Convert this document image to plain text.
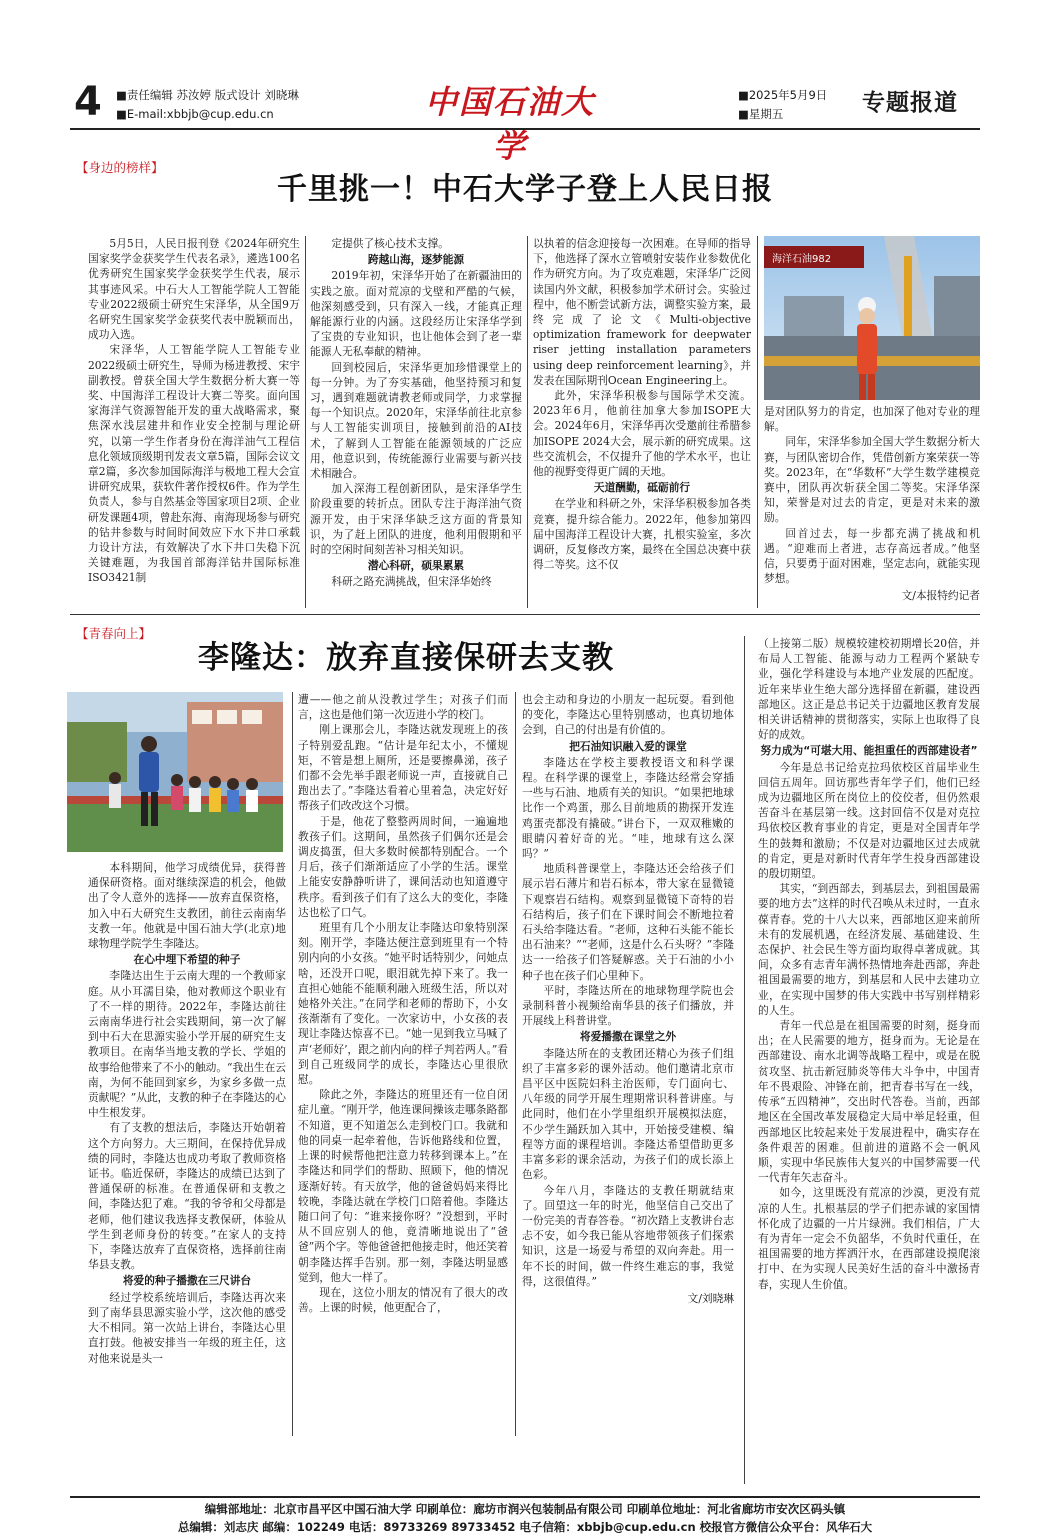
4 ■责任编辑 苏汝婷 版式设计 刘晓琳
■E-mail:xbbjb@cup.edu.cn	中国石油大学
■2025年5月9日
■星期五	专题报道
【身边的榜样】
千里挑一！中石大学子登上人民日报

5月5日，人民日报刊登《2024年研究生国家奖学金获奖学生代表名录》，遴选100名优秀研究生国家奖学金获奖学生代表，展示其事迹风采。中石大人工智能学院人工智能专业2022级硕士研究生宋泽华，从全国9万名研究生国家奖学金获奖代表中脱颖而出，成功入选。

宋泽华，人工智能学院人工智能专业2022级硕士研究生，导师为杨进教授、宋宇副教授。曾获全国大学生数据分析大赛一等奖、中国海洋工程设计大赛二等奖。面向国家海洋气资源智能开发的重大战略需求，聚焦深水浅层建井和作业安全控制与理论研究，以第一学生作者身份在海洋油气工程信息化领域顶级期刊发表文章5篇，国际会议文章2篇，多次参加国际海洋与极地工程大会宣讲研究成果，获软件著作授权6件。作为学生负责人，参与自然基金等国家项目2项、企业研发课题4项，曾赴东海、南海现场参与研究的钻井参数与时间时间效应下水下井口承载力设计方法，有效解决了水下井口失稳下沉关键难题，为我国首部海洋钻井国际标准ISO3421制

定提供了核心技术支撑。

跨越山海，逐梦能源

2019年初，宋泽华开始了在新疆油田的实践之旅。面对荒凉的戈壁和严酷的气候，他深刻感受到，只有深入一线，才能真正理解能源行业的内涵。这段经历让宋泽华学到了宝贵的专业知识，也让他体会到了老一辈能源人无私奉献的精神。

回到校园后，宋泽华更加珍惜课堂上的每一分钟。为了夯实基础，他坚持预习和复习，遇到难题就请教老师或同学，力求掌握每一个知识点。2020年，宋泽华前往北京参与人工智能实训项目，接触到前沿的AI技术，了解到人工智能在能源领域的广泛应用，他意识到，传统能源行业需要与新兴技术相融合。

加入深海工程创新团队，是宋泽华学生阶段重要的转折点。团队专注于海洋油气资源开发，由于宋泽华缺乏这方面的背景知识，为了赶上团队的进度，他利用假期和平时的空闲时间刻苦补习相关知识。

潜心科研，硕果累累

科研之路充满挑战，但宋泽华始终

以执着的信念迎接每一次困难。在导师的指导下，他选择了深水立管喷射安装作业参数优化作为研究方向。为了攻克难题，宋泽华广泛阅读国内外文献，积极参加学术研讨会。实验过程中，他不断尝试新方法，调整实验方案，最终完成了论文《Multi-objective optimization framework for deepwater riser jetting installation parameters using deep reinforcement learning》，并发表在国际期刊Ocean Engineering上。

此外，宋泽华积极参与国际学术交流。2023年6月，他前往加拿大参加ISOPE大会。2024年6月，宋泽华再次受邀前往希腊参加ISOPE 2024大会，展示新的研究成果。这些交流机会，不仅提升了他的学术水平，也让他的视野变得更广阔的天地。

天道酬勤，砥砺前行

在学业和科研之外，宋泽华积极参加各类竞赛，提升综合能力。2022年，他参加第四届中国海洋工程设计大赛，扎根实验室，多次调研，反复修改方案，最终在全国总决赛中获得二等奖。这不仅

海洋石油982

是对团队努力的肯定，也加深了他对专业的理解。

同年，宋泽华参加全国大学生数据分析大赛，与团队密切合作，凭借创新方案荣获一等奖。2023年，在“华数杯”大学生数学建模竞赛中，团队再次斩获全国二等奖。宋泽华深知，荣誉是对过去的肯定，更是对未来的激励。

回首过去，每一步都充满了挑战和机遇。“迎难而上者进，志存高远者成。”他坚信，只要勇于面对困难，坚定志向，就能实现梦想。

文/本报特约记者

【青春向上】
李隆达：放弃直接保研去支教

本科期间，他学习成绩优异，获得普通保研资格。面对继续深造的机会，他做出了令人意外的选择——放弃直保资格，加入中石大研究生支教团，前往云南南华支教一年。他就是中国石油大学(北京)地球物理学院学生李隆达。

在心中埋下希望的种子

李隆达出生于云南大理的一个教师家庭。从小耳濡目染，他对教师这个职业有了不一样的期待。2022年，李隆达前往云南南华进行社会实践期间，第一次了解到中石大在思源实验小学开展的研究生支教项目。在南华当地支教的学长、学姐的故事给他带来了不小的触动。“我出生在云南，为何不能回到家乡，为家乡多做一点贡献呢？”从此，支教的种子在李隆达的心中生根发芽。

有了支教的想法后，李隆达开始朝着这个方向努力。大三期间，在保持优异成绩的同时，李隆达也成功考取了教师资格证书。临近保研，李隆达的成绩已达到了普通保研的标准。在普通保研和支教之间，李隆达犯了难。“我的爷爷和父母都是老师，他们建议我选择支教保研，体验从学生到老师身份的转变。”在家人的支持下，李隆达放弃了直保资格，选择前往南华县支教。

将爱的种子播撒在三尺讲台

经过学校系统培训后，李隆达再次来到了南华县思源实验小学，这次他的感受大不相同。第一次站上讲台，李隆达心里直打鼓。他被安排当一年级的班主任，这对他来说是头一

遭——他之前从没教过学生；对孩子们而言，这也是他们第一次迈进小学的校门。

刚上课那会儿，李隆达就发现班上的孩子特别爱乱跑。“估计是年纪太小，不懂规矩，不管是想上厕所，还是要擦鼻涕，孩子们都不会先举手跟老师说一声，直接就自己跑出去了。”李隆达看着心里着急，决定好好帮孩子们改改这个习惯。

于是，他花了整整两周时间，一遍遍地教孩子们。这期间，虽然孩子们偶尔还是会调皮捣蛋，但大多数时候都特别配合。一个月后，孩子们渐渐适应了小学的生活。课堂上能安安静静听讲了，课间活动也知道遵守秩序。看到孩子们有了这么大的变化，李隆达也松了口气。

班里有几个小朋友让李隆达印象特别深刻。刚开学，李隆达便注意到班里有一个特别内向的小女孩。“她平时话特别少，问她点啥，还没开口呢，眼泪就先掉下来了。我一直担心她能不能顺利融入班级生活，所以对她格外关注。”在同学和老师的帮助下，小女孩渐渐有了变化。一次家访中，小女孩的表现让李隆达惊喜不已。“她一见到我立马喊了声‘老师好’，跟之前内向的样子判若两人。”看到自己班级同学的成长，李隆达心里很欣慰。

除此之外，李隆达的班里还有一位自闭症儿童。“刚开学，他连课间操该走哪条路都不知道，更不知道怎么走到校门口。我就和他的同桌一起牵着他，告诉他路线和位置，上课的时候帮他把注意力转移到课本上。”在李隆达和同学们的帮助、照顾下，他的情况逐渐好转。有天放学，他的爸爸妈妈来得比较晚，李隆达就在学校门口陪着他。李隆达随口问了句：“谁来接你呀？”没想到，平时从不回应别人的他，竟清晰地说出了“爸爸”两个字。等他爸爸把他接走时，他还笑着朝李隆达挥手告别。那一刻，李隆达明显感觉到，他大一样了。

现在，这位小朋友的情况有了很大的改善。上课的时候，他更配合了，

也会主动和身边的小朋友一起玩耍。看到他的变化，李隆达心里特别感动，也真切地体会到，自己的付出是有价值的。

把石油知识融入爱的课堂

李隆达在学校主要教授语文和科学课程。在科学课的课堂上，李隆达经常会穿插一些与石油、地质有关的知识。“如果把地球比作一个鸡蛋，那么目前地质的勘探开发连鸡蛋壳都没有撬破。”讲台下，一双双稚嫩的眼睛闪着好奇的光。“哇，地球有这么深吗？”

地质科普课堂上，李隆达还会给孩子们展示岩石薄片和岩石标本，带大家在显微镜下观察岩石结构。观察到显微镜下奇特的岩石结构后，孩子们在下课时间会不断地拉着石头给李隆达看。“老师，这种石头能不能长出石油来？”“老师，这是什么石头呀？”李隆达一一给孩子们答疑解惑。关于石油的小小种子也在孩子们心里种下。

平时，李隆达所在的地球物理学院也会录制科普小视频给南华县的孩子们播放，并开展线上科普讲堂。

将爱播撒在课堂之外

李隆达所在的支教团还精心为孩子们组织了丰富多彩的课外活动。他们邀请北京市昌平区中医院妇科主治医师，专门面向七、八年级的同学开展生理期常识科普讲座。与此同时，他们在小学里组织开展模拟法庭，不少学生踊跃加入其中，开始接受建模、编程等方面的课程培训。李隆达希望借助更多丰富多彩的课余活动，为孩子们的成长添上色彩。

今年八月，李隆达的支教任期就结束了。回望这一年的时光，他坚信自己交出了一份完美的青春答卷。“初次踏上支教讲台志忐不安，如今我已能从容地带领孩子们探索知识，这是一场爱与希望的双向奔赴。用一年不长的时间，做一件终生难忘的事，我觉得，这很值得。”

文/刘晓琳

（上接第二版）规模较建校初期增长20倍，并布局人工智能、能源与动力工程两个紧缺专业，强化学科建设与本地产业发展的匹配度。近年来毕业生绝大部分选择留在新疆，建设西部地区。这正是总书记关于边疆地区教育发展相关讲话精神的贯彻落实，实际上也取得了良好的成效。

努力成为“可堪大用、能担重任的西部建设者”

今年是总书记给克拉玛依校区首届毕业生回信五周年。回访那些青年学子们，他们已经成为边疆地区所在岗位上的佼佼者，但仍然艰苦奋斗在基层第一线。这封回信不仅是对克拉玛依校区教育事业的肯定，更是对全国青年学生的鼓舞和激励；不仅是对边疆地区过去成就的肯定，更是对新时代青年学生投身西部建设的殷切期望。

其实，“到西部去，到基层去，到祖国最需要的地方去”这样的时代召唤从未过时，一直永葆青春。党的十八大以来，西部地区迎来前所未有的发展机遇，在经济发展、基础建设、生态保护、社会民生等方面均取得卓著成就。其间，众多有志青年满怀热情地奔赴西部，奔赴祖国最需要的地方，到基层和人民中去建功立业，在实现中国梦的伟大实践中书写别样精彩的人生。

青年一代总是在祖国需要的时刻，挺身而出；在人民需要的地方，挺身而为。无论是在西部建设、南水北调等战略工程中，或是在脱贫攻坚、抗击新冠肺炎等伟大斗争中，中国青年不畏艰险、冲锋在前，把青春书写在一线，传承“五四精神”，交出时代答卷。当前，西部地区在全国改革发展稳定大局中举足轻重，但西部地区比较起来处于发展进程中，确实存在条件艰苦的困难。但前进的道路不会一帆风顺，实现中华民族伟大复兴的中国梦需要一代一代青年矢志奋斗。

如今，这里既没有荒凉的沙漠，更没有荒凉的人生。扎根基层的学子们把赤诚的家国情怀化成了边疆的一片片绿洲。我们相信，广大有为青年一定会不负韶华，不负时代重任，在祖国需要的地方挥洒汗水，在西部建设摸爬滚打中、在为实现人民美好生活的奋斗中激扬青春，实现人生价值。

编辑部地址：北京市昌平区中国石油大学 印刷单位：廊坊市润兴包装制品有限公司 印刷单位地址：河北省廊坊市安次区码头镇
总编辑：刘志庆 邮编：102249 电话：89733269 89733452 电子信箱：xbbjb@cup.edu.cn 校报官方微信公众平台：风华石大
